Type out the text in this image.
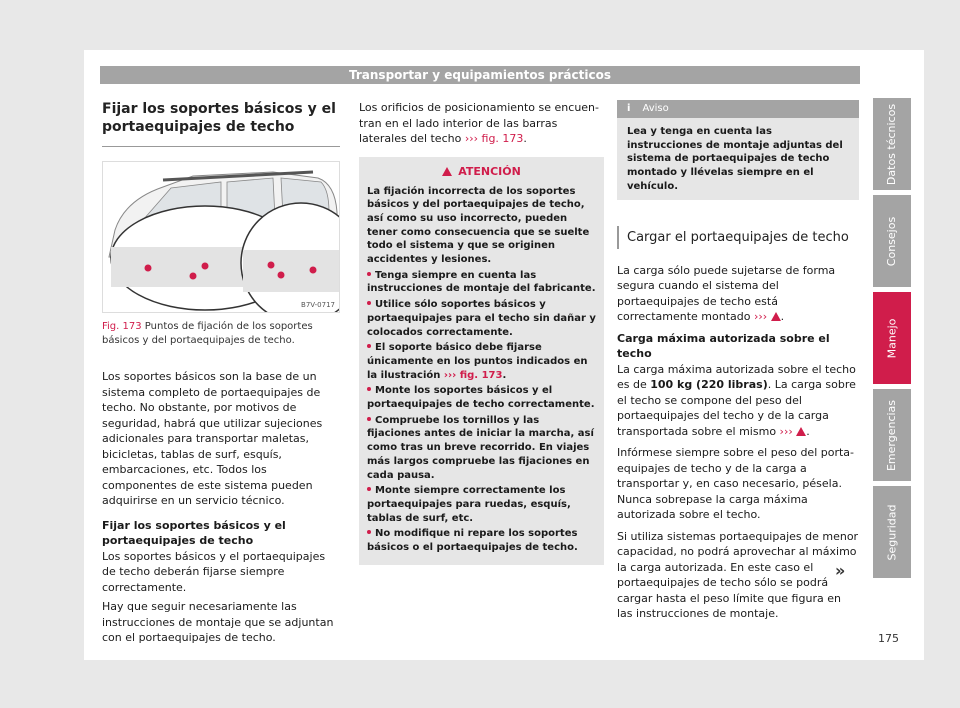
Transportar y equipamientos prácticos
Datos técnicos
Consejos
Manejo
Emergencias
Seguridad
Fijar los soportes básicos y el portaequipajes de techo
B7V-0717
Fig. 173 Puntos de fijación de los soportes básicos y del portaequipajes de techo.

Los soportes básicos son la base de un sistema completo de portaequipajes de techo. No obstante, por motivos de seguridad, habrá que utilizar sujeciones adicionales para transportar maletas, bicicletas, tablas de surf, esquís, embarcaciones, etc. Todos los componentes de este sistema pueden adquirirse en un servicio técnico.

Fijar los soportes básicos y el portaequipajes de techo

Los soportes básicos y el portaequipajes de techo deberán fijarse siempre correctamente.

Hay que seguir necesariamente las instrucciones de montaje que se adjuntan con el portaequipajes de techo.

Los orificios de posicionamiento se encuentran en el lado interior de las barras laterales del techo ››› fig. 173.

ATENCIÓN

La fijación incorrecta de los soportes básicos y del portaequipajes de techo, así como su uso incorrecto, pueden tener como consecuencia que se suelte todo el sistema y que se originen accidentes y lesiones.

Tenga siempre en cuenta las instrucciones de montaje del fabricante.

Utilice sólo soportes básicos y portaequipajes para el techo sin dañar y colocados correctamente.

El soporte básico debe fijarse únicamente en los puntos indicados en la ilustración ››› fig. 173.

Monte los soportes básicos y el portaequipajes de techo correctamente.

Compruebe los tornillos y las fijaciones antes de iniciar la marcha, así como tras un breve recorrido. En viajes más largos compruebe las fijaciones en cada pausa.

Monte siempre correctamente los portaequipajes para ruedas, esquís, tablas de surf, etc.

No modifique ni repare los soportes básicos o el portaequipajes de techo.

i Aviso

Lea y tenga en cuenta las instrucciones de montaje adjuntas del sistema de portaequipajes de techo montado y llévelas siempre en el vehículo.

Cargar el portaequipajes de techo

La carga sólo puede sujetarse de forma segura cuando el sistema del portaequipajes de techo está correctamente montado ››› .

Carga máxima autorizada sobre el techo

La carga máxima autorizada sobre el techo es de 100 kg (220 libras). La carga sobre el techo se compone del peso del portaequipajes del techo y de la carga transportada sobre el mismo ››› .

Infórmese siempre sobre el peso del portaequipajes de techo y de la carga a transportar y, en caso necesario, pésela. Nunca sobrepase la carga máxima autorizada sobre el techo.

Si utiliza sistemas portaequipajes de menor capacidad, no podrá aprovechar al máximo la carga autorizada. En este caso el portaequipajes de techo sólo se podrá cargar hasta el peso límite que figura en las instrucciones de montaje.

»
175
